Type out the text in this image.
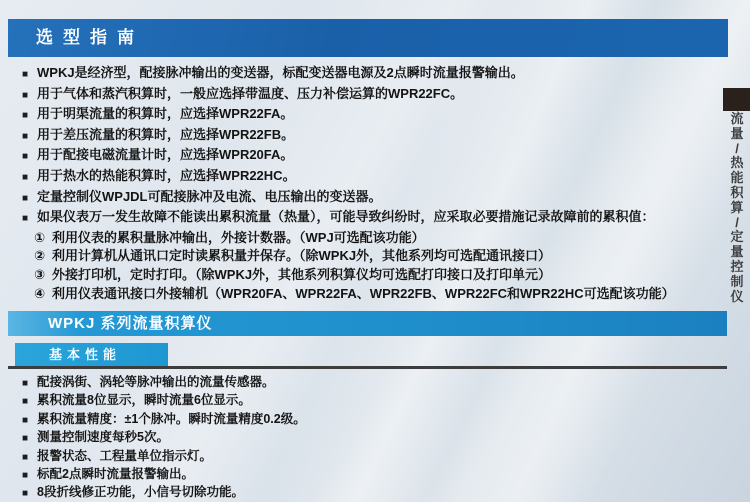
选型指南
■ WPKJ是经济型，配接脉冲输出的变送器，标配变送器电源及2点瞬时流量报警输出。
■ 用于气体和蒸汽积算时，一般应选择带温度、压力补偿运算的WPR22FC。
■ 用于明渠流量的积算时，应选择WPR22FA。
■ 用于差压流量的积算时，应选择WPR22FB。
■ 用于配接电磁流量计时，应选择WPR20FA。
■ 用于热水的热能积算时，应选择WPR22HC。
■ 定量控制仪WPJDL可配接脉冲及电流、电压输出的变送器。
■ 如果仪表万一发生故障不能读出累积流量（热量），可能导致纠纷时，应采取必要措施记录故障前的累积值：
① 利用仪表的累积量脉冲输出，外接计数器。（WPJ可选配该功能）
② 利用计算机从通讯口定时读累积量并保存。（除WPKJ外，其他系列均可选配通讯接口）
③ 外接打印机，定时打印。（除WPKJ外，其他系列积算仪均可选配打印接口及打印单元）
④ 利用仪表通讯接口外接辅机（WPR20FA、WPR22FA、WPR22FB、WPR22FC和WPR22HC可选配该功能）
WPKJ 系列流量积算仪
基本性能
■ 配接涡街、涡轮等脉冲输出的流量传感器。
■ 累积流量8位显示，瞬时流量6位显示。
■ 累积流量精度：±1个脉冲。瞬时流量精度0.2级。
■ 测量控制速度每秒5次。
■ 报警状态、工程量单位指示灯。
■ 标配2点瞬时流量报警输出。
■ 8段折线修正功能，小信号切除功能。
流
量
/
热
能
积
算
/
定
量
控
制
仪
